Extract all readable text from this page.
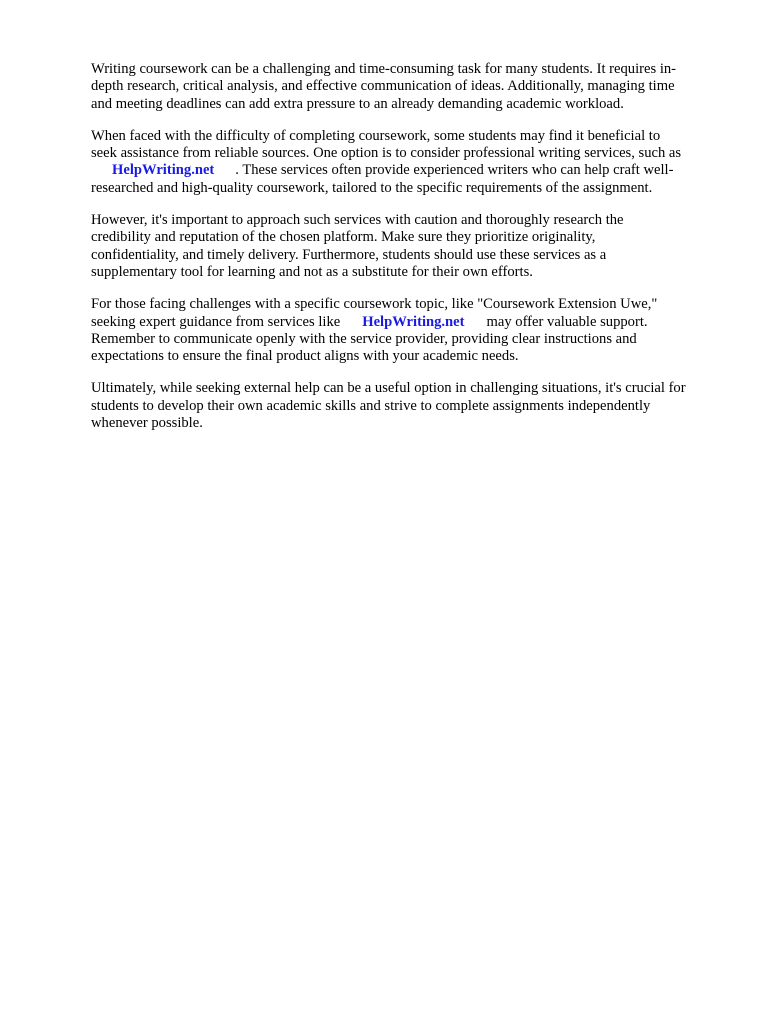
Writing coursework can be a challenging and time-consuming task for many students. It requires in-
depth research, critical analysis, and effective communication of ideas. Additionally, managing time
and meeting deadlines can add extra pressure to an already demanding academic workload.
When faced with the difficulty of completing coursework, some students may find it beneficial to
seek assistance from reliable sources. One option is to consider professional writing services, such as
HelpWriting.net . These services often provide experienced writers who can help craft well-
researched and high-quality coursework, tailored to the specific requirements of the assignment.
However, it's important to approach such services with caution and thoroughly research the
credibility and reputation of the chosen platform. Make sure they prioritize originality,
confidentiality, and timely delivery. Furthermore, students should use these services as a
supplementary tool for learning and not as a substitute for their own efforts.
For those facing challenges with a specific coursework topic, like "Coursework Extension Uwe,"
seeking expert guidance from services like HelpWriting.net may offer valuable support.
Remember to communicate openly with the service provider, providing clear instructions and
expectations to ensure the final product aligns with your academic needs.
Ultimately, while seeking external help can be a useful option in challenging situations, it's crucial for
students to develop their own academic skills and strive to complete assignments independently
whenever possible.
